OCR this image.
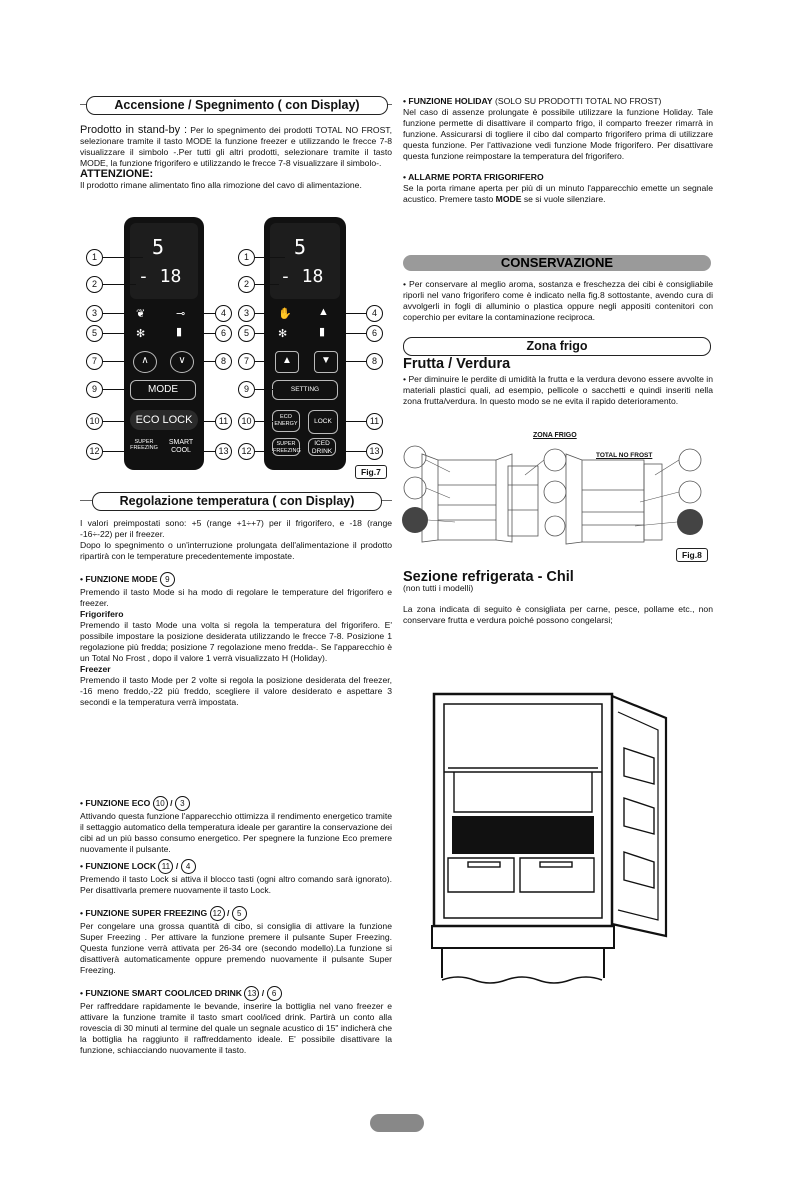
Accensione / Spegnimento ( con Display)

Prodotto in stand-by : Per lo spegnimento dei prodotti TOTAL NO FROST, selezionare tramite il tasto MODE la funzione freezer e utilizzando le frecce 7-8 visualizzare il simbolo -.Per tutti gli altri prodotti, selezionare tramite il tasto MODE, la funzione frigorifero e utilizzando le frecce 7-8 visualizzare il simbolo-.

ATTENZIONE:

Il prodotto rimane alimentato fino alla rimozione del cavo di alimentazione.

5
- 18
❦	⊸
✻	▮
∧	∨
MODE
ECO LOCK
SUPER
FREEZING
SMART
COOL
5
- 18
✋ ▲
✻	▮
▲	▼
SETTING
ECO
ENERGY	LOCK
SUPER
FREEZING
ICED
DRINK
1
2
3
5
7
9
10
12
4
6
8
11
13
1
2
3
5
7
9
10
12
4
6
8
11
13
Fig.7
Regolazione temperatura ( con Display)

I valori preimpostati sono: +5 (range +1÷+7) per il frigorifero, e -18 (range -16÷-22) per il freezer.

Dopo lo spegnimento o un'interruzione prolungata dell'alimentazione il prodotto ripartirà con le temperature precedentemente impostate.

• FUNZIONE MODE 9

Premendo il tasto Mode si ha modo di regolare le temperature del frigorifero e freezer.

Frigorifero

Premendo il tasto Mode una volta si regola la temperatura del frigorifero. E' possibile impostare la posizione desiderata utilizzando le frecce 7-8. Posizione 1 regolazione più fredda; posizione 7 regolazione meno fredda-. Se l'apparecchio è un Total No Frost , dopo il valore 1 verrà visualizzato H (Holiday).

Freezer

Premendo il tasto Mode per 2 volte si regola la posizione desiderata del freezer, -16 meno freddo,-22 più freddo, scegliere il valore desiderato e aspettare 3 secondi e la temperatura verrà impostata.

• FUNZIONE ECO 10 / 3

Attivando questa funzione l'apparecchio ottimizza il rendimento energetico tramite il settaggio automatico della temperatura ideale per garantire la conservazione dei cibi ad un più basso consumo energetico. Per spegnere la funzione Eco premere nuovamente il pulsante.

• FUNZIONE LOCK 11 / 4

Premendo il tasto Lock si attiva il blocco tasti (ogni altro comando sarà ignorato). Per disattivarla premere nuovamente il tasto Lock.

• FUNZIONE SUPER FREEZING 12 / 5

Per congelare una grossa quantità di cibo, si consiglia di attivare la funzione Super Freezing . Per attivare la funzione premere il pulsante Super Freezing. Questa funzione verrà attivata per 26-34 ore (secondo modello).La funzione si disattiverà automaticamente oppure premendo nuovamente il pulsante Super Freezing.

• FUNZIONE SMART COOL/ICED DRINK 13 / 6

Per raffreddare rapidamente le bevande, inserire la bottiglia nel vano freezer e attivare la funzione tramite il tasto smart cool/iced drink. Partirà un conto alla rovescia di 30 minuti al termine del quale un segnale acustico di 15" indicherà che la bottiglia ha raggiunto il raffreddamento ideale. E' possibile disattivare la funzione, schiacciando nuovamente il tasto.

• FUNZIONE HOLIDAY (SOLO SU PRODOTTI TOTAL NO FROST)

Nel caso di assenze prolungate è possibile utilizzare la funzione Holiday. Tale funzione permette di disattivare il comparto frigo, il comparto freezer rimarrà in funzione. Assicurarsi di togliere il cibo dal comparto frigorifero prima di utilizzare questa funzione. Per l'attivazione vedi funzione Mode frigorifero. Per disattivare questa funzione reimpostare la temperatura del frigorifero.

• ALLARME PORTA FRIGORIFERO

Se la porta rimane aperta per più di un minuto l'apparecchio emette un segnale acustico. Premere tasto MODE se si vuole silenziare.

CONSERVAZIONE

• Per conservare al meglio aroma, sostanza e freschezza dei cibi è consigliabile riporli nel vano frigorifero come è indicato nella fig.8 sottostante, avendo cura di avvolgerli in fogli di alluminio o plastica oppure negli appositi contenitori con coperchio per evitare la contaminazione reciproca.

Zona frigo
Frutta / Verdura

• Per diminuire le perdite di umidità la frutta e la verdura devono essere avvolte in materiali plastici quali, ad esempio, pellicole o sacchetti e quindi inseriti nella zona frutta/verdura. In questo modo se ne evita il rapido deterioramento.

ZONA FRIGO
TOTAL NO FROST
Fig.8
Sezione refrigerata - Chil
(non tutti i modelli)

La zona indicata di seguito è consigliata per carne, pesce, pollame etc., non conservare frutta e verdura poiché possono congelarsi;
